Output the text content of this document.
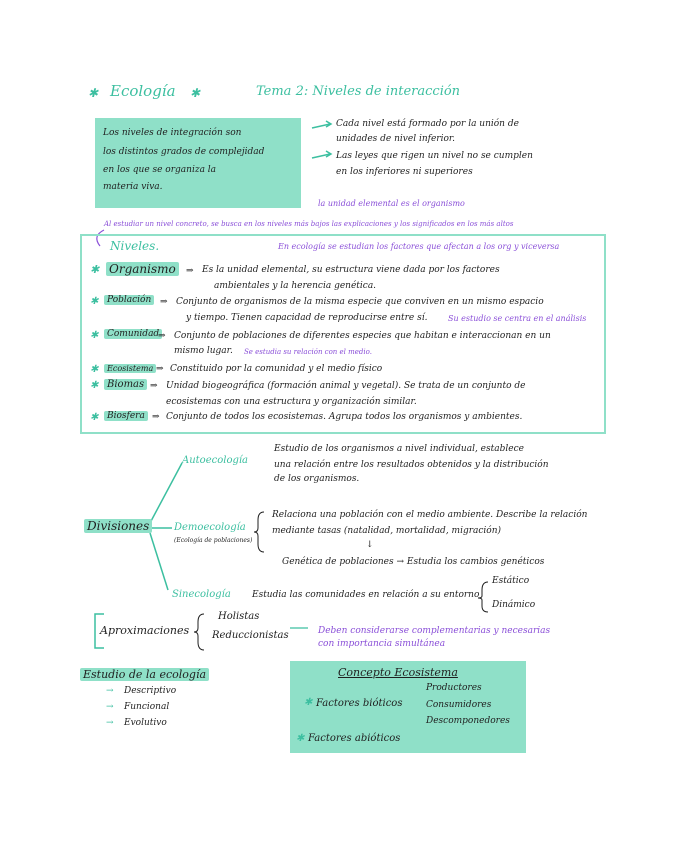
✱ Ecología ✱	Tema 2: Niveles de interacción
Los niveles de integración son
los distintos grados de complejidad
en los que se organiza la
materia viva.
Cada nivel está formado por la unión de
unidades de nivel inferior.
Las leyes que rigen un nivel no se cumplen
en los inferiores ni superiores
la unidad elemental es el organismo
Al estudiar un nivel concreto, se busca en los niveles más bajos las explicaciones y los significados en los más altos
Niveles.	En ecología se estudian los factores que afectan a los org y viceversa
✱ Organismo	⇒ Es la unidad elemental, su estructura viene dada por los factores
ambientales y la herencia genética.
✱ Población ⇒ Conjunto de organismos de la misma especie que conviven en un mismo espacio
y tiempo. Tienen capacidad de reproducirse entre sí.	Su estudio se centra en el análisis
✱ Comunidad
⇒ Conjunto de poblaciones de diferentes especies que habitan e interaccionan en un
mismo lugar. Se estudia su relación con el medio.
✱	Ecosistema ⇒ Constituido por la comunidad y el medio físico
✱ Biomas ⇒ Unidad biogeográfica (formación animal y vegetal). Se trata de un conjunto de
ecosistemas con una estructura y organización similar.
✱ Biosfera ⇒ Conjunto de todos los ecosistemas. Agrupa todos los organismos y ambientes.
Divisiones
Autoecología
Estudio de los organismos a nivel individual, establece
una relación entre los resultados obtenidos y la distribución
de los organismos.
Demoecología
(Ecología de poblaciones)
Relaciona una población con el medio ambiente. Describe la relación
mediante tasas (natalidad, mortalidad, migración)
↓
Genética de poblaciones → Estudia los cambios genéticos
Sinecología Estudia las comunidades en relación a su entorno
Estático
Dinámico
Aproximaciones
Holistas
Reduccionistas	Deben considerarse complementarias y necesarias
con importancia simultánea
Estudio de la ecología
→ Descriptivo
→ Funcional
→ Evolutivo
Concepto Ecosistema
✱ Factores bióticos
Productores
Consumidores
Descomponedores
✱ Factores abióticos
